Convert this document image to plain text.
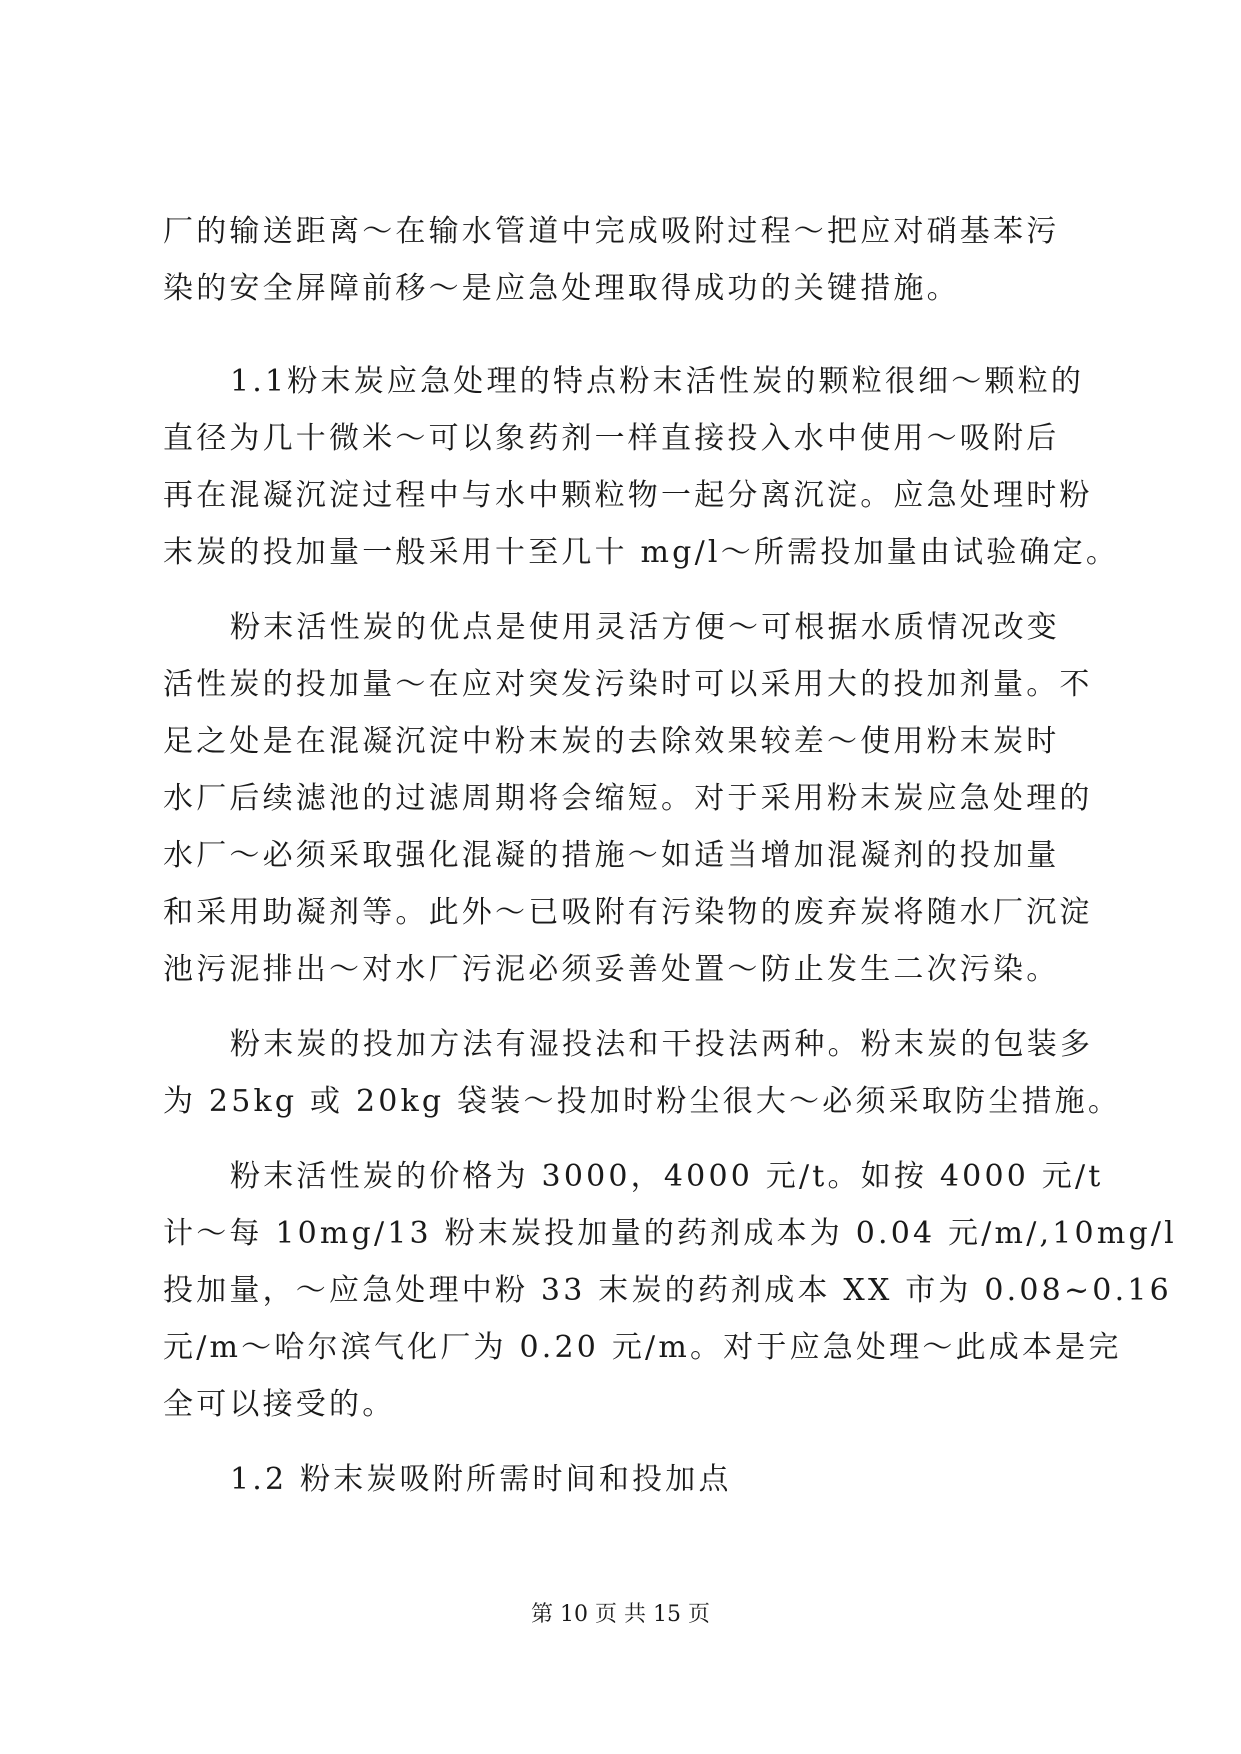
厂的输送距离～在输水管道中完成吸附过程～把应对硝基苯污
染的安全屏障前移～是应急处理取得成功的关键措施。
1.1粉末炭应急处理的特点粉末活性炭的颗粒很细～颗粒的
直径为几十微米～可以象药剂一样直接投入水中使用～吸附后
再在混凝沉淀过程中与水中颗粒物一起分离沉淀。应急处理时粉
末炭的投加量一般采用十至几十 mg/l～所需投加量由试验确定。
粉末活性炭的优点是使用灵活方便～可根据水质情况改变
活性炭的投加量～在应对突发污染时可以采用大的投加剂量。不
足之处是在混凝沉淀中粉末炭的去除效果较差～使用粉末炭时
水厂后续滤池的过滤周期将会缩短。对于采用粉末炭应急处理的
水厂～必须采取强化混凝的措施～如适当增加混凝剂的投加量
和采用助凝剂等。此外～已吸附有污染物的废弃炭将随水厂沉淀
池污泥排出～对水厂污泥必须妥善处置～防止发生二次污染。
粉末炭的投加方法有湿投法和干投法两种。粉末炭的包装多
为 25kg 或 20kg 袋装～投加时粉尘很大～必须采取防尘措施。
粉末活性炭的价格为 3000，4000 元/t。如按 4000 元/t
计～每 10mg/13 粉末炭投加量的药剂成本为 0.04 元/m/,10mg/l
投加量，～应急处理中粉 33 末炭的药剂成本 XX 市为 0.08~0.16
元/m～哈尔滨气化厂为 0.20 元/m。对于应急处理～此成本是完
全可以接受的。
1.2 粉末炭吸附所需时间和投加点
第 10 页 共 15 页
